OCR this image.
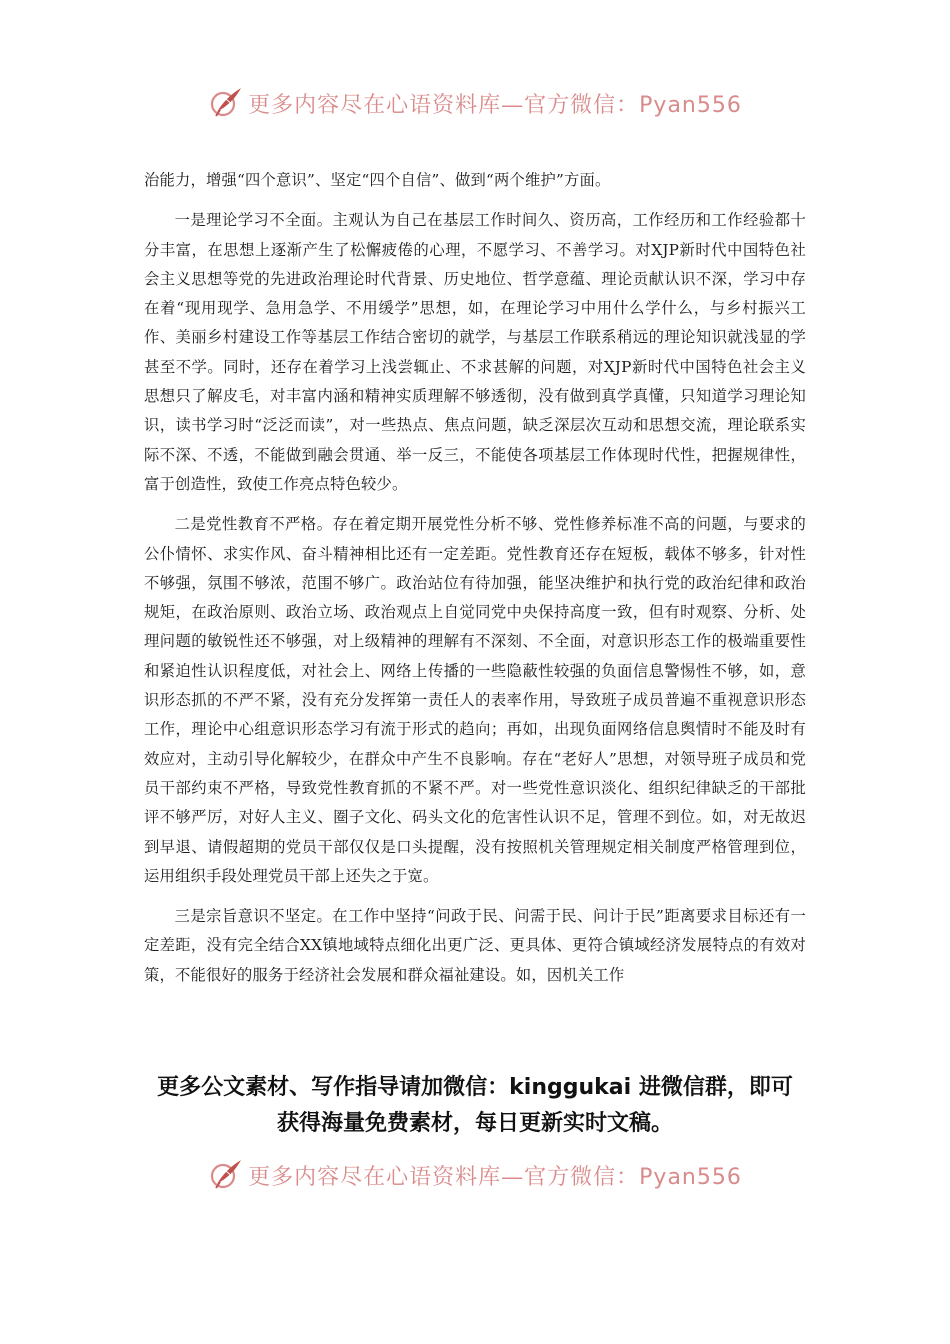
更多内容尽在心语资料库—官方微信：Pyan556

治能力，增强“四个意识”、坚定“四个自信”、做到“两个维护”方面。

一是理论学习不全面。主观认为自己在基层工作时间久、资历高，工作经历和工作经验都十分丰富，在思想上逐渐产生了松懈疲倦的心理，不愿学习、不善学习。对XJP新时代中国特色社会主义思想等党的先进政治理论时代背景、历史地位、哲学意蕴、理论贡献认识不深，学习中存在着“现用现学、急用急学、不用缓学”思想，如，在理论学习中用什么学什么，与乡村振兴工作、美丽乡村建设工作等基层工作结合密切的就学，与基层工作联系稍远的理论知识就浅显的学甚至不学。同时，还存在着学习上浅尝辄止、不求甚解的问题，对XJP新时代中国特色社会主义思想只了解皮毛，对丰富内涵和精神实质理解不够透彻，没有做到真学真懂，只知道学习理论知识，读书学习时“泛泛而读”，对一些热点、焦点问题，缺乏深层次互动和思想交流，理论联系实际不深、不透，不能做到融会贯通、举一反三，不能使各项基层工作体现时代性，把握规律性，富于创造性，致使工作亮点特色较少。

二是党性教育不严格。存在着定期开展党性分析不够、党性修养标准不高的问题，与要求的公仆情怀、求实作风、奋斗精神相比还有一定差距。党性教育还存在短板，载体不够多，针对性不够强，氛围不够浓，范围不够广。政治站位有待加强，能坚决维护和执行党的政治纪律和政治规矩，在政治原则、政治立场、政治观点上自觉同党中央保持高度一致，但有时观察、分析、处理问题的敏锐性还不够强，对上级精神的理解有不深刻、不全面，对意识形态工作的极端重要性和紧迫性认识程度低，对社会上、网络上传播的一些隐蔽性较强的负面信息警惕性不够，如，意识形态抓的不严不紧，没有充分发挥第一责任人的表率作用，导致班子成员普遍不重视意识形态工作，理论中心组意识形态学习有流于形式的趋向；再如，出现负面网络信息舆情时不能及时有效应对，主动引导化解较少，在群众中产生不良影响。存在“老好人”思想，对领导班子成员和党员干部约束不严格，导致党性教育抓的不紧不严。对一些党性意识淡化、组织纪律缺乏的干部批评不够严厉，对好人主义、圈子文化、码头文化的危害性认识不足，管理不到位。如，对无故迟到早退、请假超期的党员干部仅仅是口头提醒，没有按照机关管理规定相关制度严格管理到位，运用组织手段处理党员干部上还失之于宽。

三是宗旨意识不坚定。在工作中坚持“问政于民、问需于民、问计于民”距离要求目标还有一定差距，没有完全结合XX镇地域特点细化出更广泛、更具体、更符合镇域经济发展特点的有效对策，不能很好的服务于经济社会发展和群众福祉建设。如，因机关工作

更多公文素材、写作指导请加微信：kinggukai 进微信群，即可
获得海量免费素材，每日更新实时文稿。
更多内容尽在心语资料库—官方微信：Pyan556
